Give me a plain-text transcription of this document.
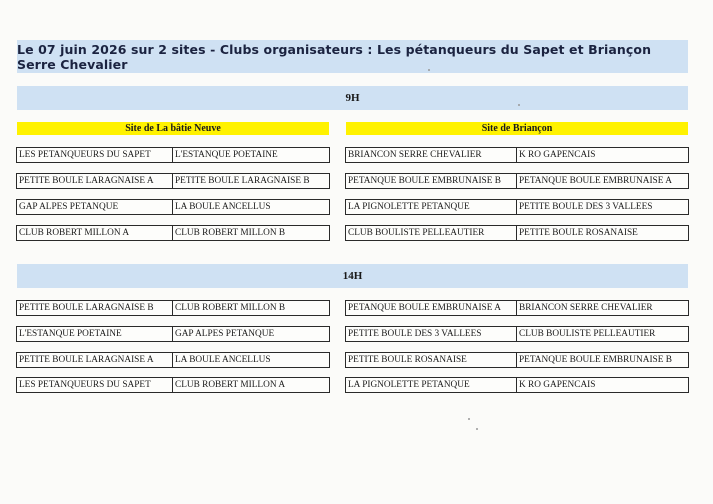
Le 07 juin 2026 sur 2 sites - Clubs organisateurs : Les pétanqueurs du Sapet et Briançon Serre Chevalier
9H
Site de La bâtie Neuve	Site de Briançon
LES PETANQUEURS DU SAPET	L'ESTANQUE POETAINE
PETITE BOULE LARAGNAISE A	PETITE BOULE LARAGNAISE B
GAP ALPES PETANQUE	LA BOULE ANCELLUS
CLUB ROBERT MILLON A	CLUB ROBERT MILLON B
BRIANCON SERRE CHEVALIER	K RO GAPENCAIS
PETANQUE BOULE EMBRUNAISE B	PETANQUE BOULE EMBRUNAISE A
LA PIGNOLETTE PETANQUE	PETITE BOULE DES 3 VALLEES
CLUB BOULISTE PELLEAUTIER	PETITE BOULE ROSANAISE
14H
PETITE BOULE LARAGNAISE B	CLUB ROBERT MILLON B
L'ESTANQUE POETAINE	GAP ALPES PETANQUE
PETITE BOULE LARAGNAISE A	LA BOULE ANCELLUS
LES PETANQUEURS DU SAPET	CLUB ROBERT MILLON A
PETANQUE BOULE EMBRUNAISE A	BRIANCON SERRE CHEVALIER
PETITE BOULE DES 3 VALLEES	CLUB BOULISTE PELLEAUTIER
PETITE BOULE ROSANAISE	PETANQUE BOULE EMBRUNAISE B
LA PIGNOLETTE PETANQUE	K RO GAPENCAIS
